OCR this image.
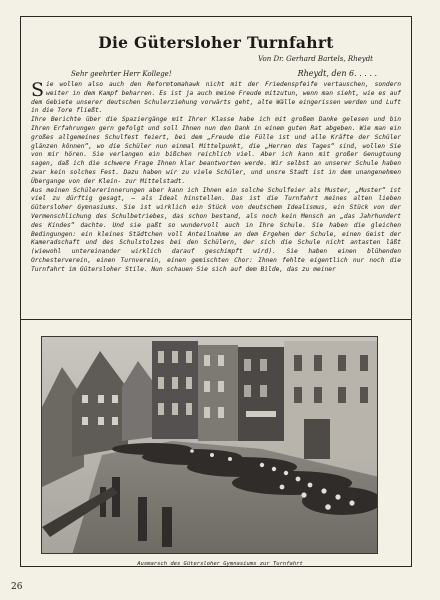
Die Gütersloher Turnfahrt
Von Dr. Gerhard Bartels, Rheydt
Sehr geehrter Herr Kollege!	Rheydt, den 6. . . . .

Sie wollen also auch den Reformtomahawk nicht mit der Friedenspfeife vertauschen, sondern weiter in dem Kampf beharren. Es ist ja auch meine Freude mitzutun, wenn man sieht, wie es auf dem Gebiete unserer deutschen Schulerziehung vorwärts geht, alte Wälle eingerissen werden und Luft in die Tore fließt.

Ihre Berichte über die Spaziergänge mit Ihrer Klasse habe ich mit großem Danke gelesen und bin Ihren Erfahrungen gern gefolgt und soll Ihnen nun den Dank in einem guten Rat abgeben. Wie man ein großes allgemeines Schulfest feiert, bei dem „Freude die Fülle ist und alle Kräfte der Schüler glänzen können“, wo die Schüler nun einmal Mittelpunkt, die „Herren des Tages“ sind, wollen Sie von mir hören. Sie verlangen ein bißchen reichlich viel. Aber ich kann mit großer Genugtuung sagen, daß ich die schwere Frage Ihnen klar beantworten werde. Wir selbst an unserer Schule haben zwar kein solches Fest. Dazu haben wir zu viele Schüler, und unsre Stadt ist in dem unangenehmen Übergange von der Klein- zur Mittelstadt.

Aus meinen Schülererinnerungen aber kann ich Ihnen ein solche Schulfeier als Muster, „Muster“ ist viel zu dürftig gesagt, – als Ideal hinstellen. Das ist die Turnfahrt meines alten lieben Gütersloher Gymnasiums. Sie ist wirklich ein Stück von deutschem Idealismus, ein Stück von der Vermenschlichung des Schulbetriebes, das schon bestand, als noch kein Mensch an „das Jahrhundert des Kindes“ dachte. Und sie paßt so wundervoll auch in Ihre Schule. Sie haben die gleichen Bedingungen: ein kleines Städtchen voll Anteilnahme an dem Ergehen der Schule, einen Geist der Kameradschaft und des Schulstolzes bei den Schülern, der sich die Schule nicht antasten läßt (wiewohl untereinander wirklich darauf geschimpft wird). Sie haben einen blühenden Orchesterverein, einen Turnverein, einen gemischten Chor: Ihnen fehlte eigentlich nur noch die Turnfahrt im Gütersloher Stile. Nun schauen Sie sich auf dem Bilde, das zu meiner

Ausmarsch des Gütersloher Gymnasiums zur Turnfahrt
26
